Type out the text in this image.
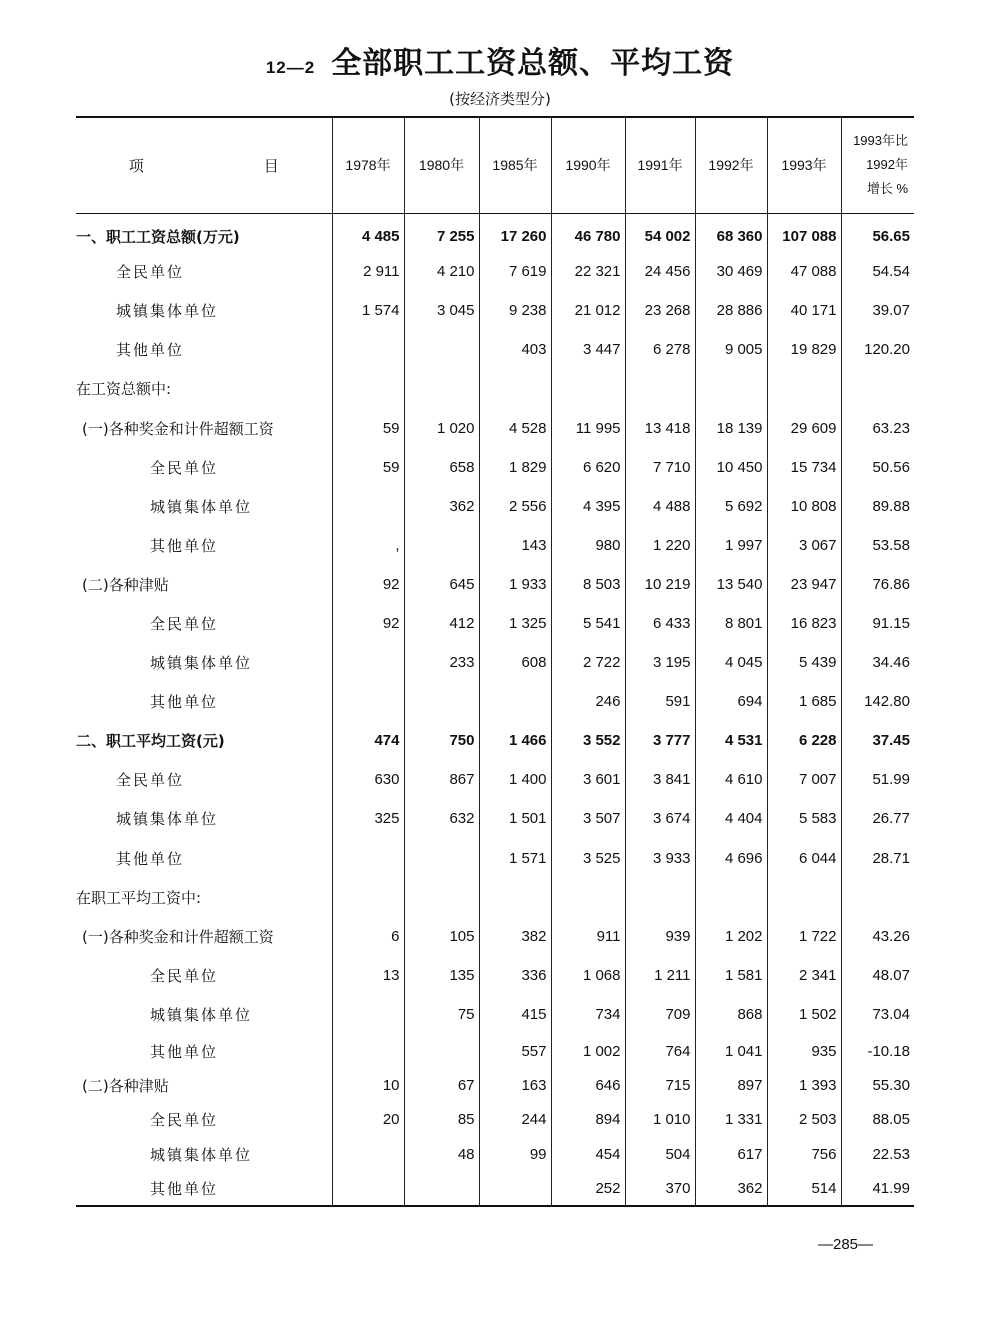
12—2 全部职工工资总额、平均工资
(按经济类型分)
项 目	1978年	1980年	1985年	1990年	1991年	1992年	1993年	1993年比
1992年
增长 %

一、职工工资总额(万元)	4 485	7 255	17 260	46 780	54 002	68 360	107 088	56.65
全民单位	2 911	4 210	7 619	22 321	24 456	30 469	47 088	54.54
城镇集体单位	1 574	3 045	9 238	21 012	23 268	28 886	40 171	39.07
其他单位			403	3 447	6 278	9 005	19 829	120.20
在工资总额中:								
(一)各种奖金和计件超额工资	59	1 020	4 528	11 995	13 418	18 139	29 609	63.23
全民单位	59	658	1 829	6 620	7 710	10 450	15 734	50.56
城镇集体单位		362	2 556	4 395	4 488	5 692	10 808	89.88
其他单位	,		143	980	1 220	1 997	3 067	53.58
(二)各种津贴	92	645	1 933	8 503	10 219	13 540	23 947	76.86
全民单位	92	412	1 325	5 541	6 433	8 801	16 823	91.15
城镇集体单位		233	608	2 722	3 195	4 045	5 439	34.46
其他单位				246	591	694	1 685	142.80
二、职工平均工资(元)	474	750	1 466	3 552	3 777	4 531	6 228	37.45
全民单位	630	867	1 400	3 601	3 841	4 610	7 007	51.99
城镇集体单位	325	632	1 501	3 507	3 674	4 404	5 583	26.77
其他单位			1 571	3 525	3 933	4 696	6 044	28.71
在职工平均工资中:								
(一)各种奖金和计件超额工资	6	105	382	911	939	1 202	1 722	43.26
全民单位	13	135	336	1 068	1 211	1 581	2 341	48.07
城镇集体单位		75	415	734	709	868	1 502	73.04
其他单位			557	1 002	764	1 041	935	-10.18
(二)各种津贴	10	67	163	646	715	897	1 393	55.30
全民单位	20	85	244	894	1 010	1 331	2 503	88.05
城镇集体单位		48	99	454	504	617	756	22.53
其他单位				252	370	362	514	41.99
—285—
